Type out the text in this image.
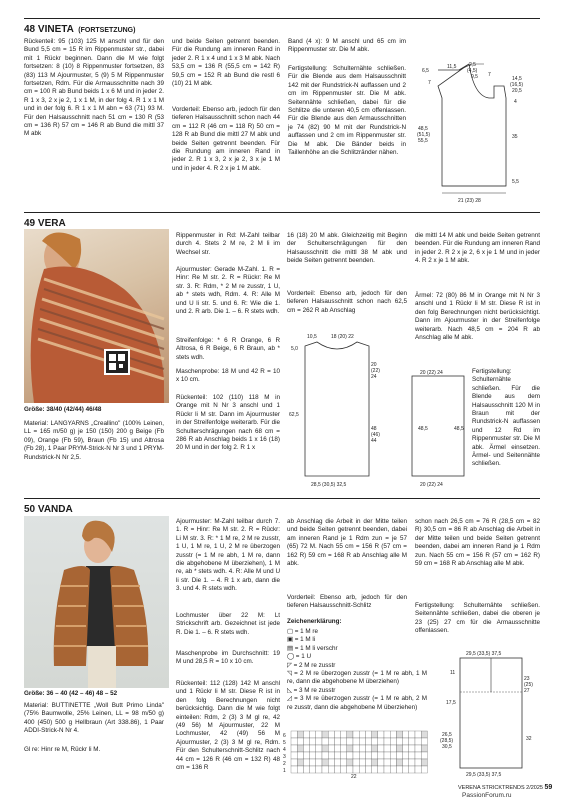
48 VINETA (FORTSETZUNG)
Rückenteil: 95 (103) 125 M anschl und für den Bund 5,5 cm = 15 R im Rippenmuster str., dabei mit 1 Rückr beginnen. Dann die M wie folgt fortsetzen: 8 (10) 8 Rippenmuster fortsetzen, 83 (83) 113 M Ajourmuster, 5 (9) 5 M Rippenmuster fortsetzen, Rdm. Für die Armausschnitte nach 39 cm = 100 R ab Bund beids 1 x 6 M und in jeder 2. R 1 x 3, 2 x je 2, 1 x 1 M, in der folg 4. R 1 x 1 M und in der folg 6. R 1 x 1 M abn = 63 (71) 93 M. Für den Halsausschnitt nach 51 cm = 130 R (53 cm = 136 R) 57 cm = 146 R ab Bund die mittl 37 M abk
und beide Seiten getrennt beenden. Für die Rundung am inneren Rand in jeder 2. R 1 x 4 und 1 x 3 M abk. Nach 53,5 cm = 136 R (55,5 cm = 142 R) 59,5 cm = 152 R ab Bund die restl 6 (10) 21 M abk.
Vorderteil: Ebenso arb, jedoch für den tieferen Halsausschnitt schon nach 44 cm = 112 R (46 cm = 118 R) 50 cm = 128 R ab Bund die mittl 27 M abk und beide Seiten getrennt beenden. Für die Rundung am inneren Rand in jeder 2. R 1 x 3, 2 x je 2, 3 x je 1 M und in jeder 4. R 2 x je 1 M abk.
Band (4 x): 9 M anschl und 65 cm im Rippenmuster str. Die M abk.
Fertigstellung: Schulternähte schließen. Für die Blende aus dem Halsausschnitt 142 mit der Rundstrick-N auffassen und 2 cm im Rippenmuster str. Die M abk. Seitennähte schließen, dabei für die Schlitze die unteren 40,5 cm offenlassen. Für die Blende aus den Armausschnitten je 74 (82) 90 M mit der Rundstrick-N auffassen und 2 cm im Rippenmuster str. Die M abk. Die Bänder beids in Taillenhöhe an die Schlitzränder nähen.
2,5
(4,5)
9,5
11,5
7
6,5
7
14,5
(16,5)
20,5
4
48,5
(51,5)
55,5
35
5,5
21 (23) 28
49 VERA
Größe: 38/40 (42/44) 46/48
Material: LANGYARNS „Creallino" (100% Leinen, LL = 165 m/50 g) je 150 (150) 200 g Beige (Fb 09), Orange (Fb 59), Braun (Fb 15) und Altrosa (Fb 28), 1 Paar PRYM-Strick-N Nr 3 und 1 PRYM-Rundstrick-N Nr 2,5.
Rippenmuster in Rd: M-Zahl teilbar durch 4. Stets 2 M re, 2 M li im Wechsel str.
Ajourmuster: Gerade M-Zahl. 1. R = Hinr: Re M str. 2. R = Rückr: Re M str. 3. R: Rdm, * 2 M re zusstr, 1 U, ab * stets wdh, Rdm. 4. R: Alle M und U li str. 5. und 6. R: Wie die 1. und 2. R arb. Die 1. – 6. R stets wdh.
Streifenfolge: * 6 R Orange, 6 R Altrosa, 6 R Beige, 6 R Braun, ab * stets wdh.
Maschenprobe: 18 M und 42 R = 10 x 10 cm.
Rückenteil: 102 (110) 118 M in Orange mit N Nr 3 anschl und 1 Rückr li M str. Dann im Ajourmuster in der Streifenfolge weiterarb. Für die Schulterschrägungen nach 68 cm = 286 R ab Anschlag beids 1 x 16 (18) 20 M und in der folg 2. R 1 x
16 (18) 20 M abk. Gleichzeitig mit Beginn der Schulterschrägungen für den Halsausschnitt die mittl 38 M abk und beide Seiten getrennt beenden.
Vorderteil: Ebenso arb, jedoch für den tieferen Halsausschnitt schon nach 62,5 cm = 262 R ab Anschlag
die mittl 14 M abk und beide Seiten getrennt beenden. Für die Rundung am inneren Rand in jeder 2. R 2 x je 2, 6 x je 1 M und in jeder 4. R 2 x je 1 M abk.
Ärmel: 72 (80) 86 M in Orange mit N Nr 3 anschl und 1 Rückr li M str. Diese R ist in den folg Berechnungen nicht berücksichtigt. Dann im Ajourmuster in der Streifenfolge weiterarb. Nach 48,5 cm = 204 R ab Anschlag alle M abk.
Fertigstellung: Schulternähte schließen. Für die Blende aus dem Halsausschnitt 120 M in Braun mit der Rundstrick-N auffassen und 12 Rd im Rippenmuster str. Die M abk. Ärmel einsetzen. Ärmel- und Seitennähte schließen.
10,5	18 (20) 22
5,0
20
(22)
24
62,5
48
(46)
44
28,5 (30,5) 32,5
20 (22) 24
48,5	48,5
20 (22) 24
50 VANDA
Größe: 36 – 40 (42 – 46) 48 – 52
Material: BUTTINETTE „Woll Butt Primo Linda" (75% Baumwolle, 25% Leinen, LL = 98 m/50 g) 400 (450) 500 g Hellbraun (Art 338.86), 1 Paar ADDI-Strick-N Nr 4.
Gl re: Hinr re M, Rückr li M.
Ajourmuster: M-Zahl teilbar durch 7. 1. R = Hinr: Re M str. 2. R = Rückr: Li M str. 3. R: * 1 M re, 2 M re zusstr, 1 U, 1 M re, 1 U, 2 M re überzogen zusstr (= 1 M re abh, 1 M re, dann die abgehobene M überziehen), 1 M re, ab * stets wdh. 4. R: Alle M und U li str. Die 1. – 4. R 1 x arb, dann die 3. und 4. R stets wdh.
Lochmuster über 22 M: Lt Strickschrift arb. Gezeichnet ist jede R. Die 1. – 6. R stets wdh.
Maschenprobe im Durchschnitt: 19 M und 28,5 R = 10 x 10 cm.
Rückenteil: 112 (128) 142 M anschl und 1 Rückr li M str. Diese R ist in den folg Berechnungen nicht berücksichtig. Dann die M wie folgt einteilen: Rdm, 2 (3) 3 M gl re, 42 (49 56) M Ajourmuster, 22 M Lochmuster, 42 (49) 56 M Ajourmuster, 2 (3) 3 M gl re, Rdm. Für den Schulterschnitt-Schlitz nach 44 cm = 126 R (46 cm = 132 R) 48 cm = 136 R
ab Anschlag die Arbeit in der Mitte teilen und beide Seiten getrennt beenden, dabei am inneren Rand je 1 Rdm zun = je 57 (65) 72 M. Nach 55 cm = 156 R (57 cm = 162 R) 59 cm = 168 R ab Anschlag alle M abk.
Vorderteil: Ebenso arb, jedoch für den tieferen Halsausschnitt-Schlitz
Zeichenerklärung:
▢ = 1 M re
▣ = 1 M li
▤ = 1 M li verschr
◯ = 1 U
◸ = 2 M re zusstr
◹ = 2 M re überzogen zusstr (= 1 M re abh, 1 M re, dann die abgehobene M überziehen)
◺ = 3 M re zusstr
◿ = 3 M re überzogen zusstr (= 1 M re abh, 2 M re zusstr, dann die abgehobene M überziehen)
6
5
4
3
2
1
22
schon nach 26,5 cm = 76 R (28,5 cm = 82 R) 30,5 cm = 86 R ab Anschlag die Arbeit in der Mitte teilen und beide Seiten getrennt beenden, dabei am inneren Rand je 1 Rdm zun. Nach 55 cm = 156 R (57 cm = 162 R) 59 cm = 168 R ab Anschlag alle M abk.
Fertigstellung: Schulternähte schließen. Seitennähte schließen, dabei die oberen je 23 (25) 27 cm für die Armausschnitte offenlassen.
29,5 (33,5) 37,5
11
23
(25)
27
17,5
32
26,5
(28,5)
30,5
29,5 (33,5) 37,5
VERENA STRICKTRENDS 2/2025 59
PassionForum.ru
